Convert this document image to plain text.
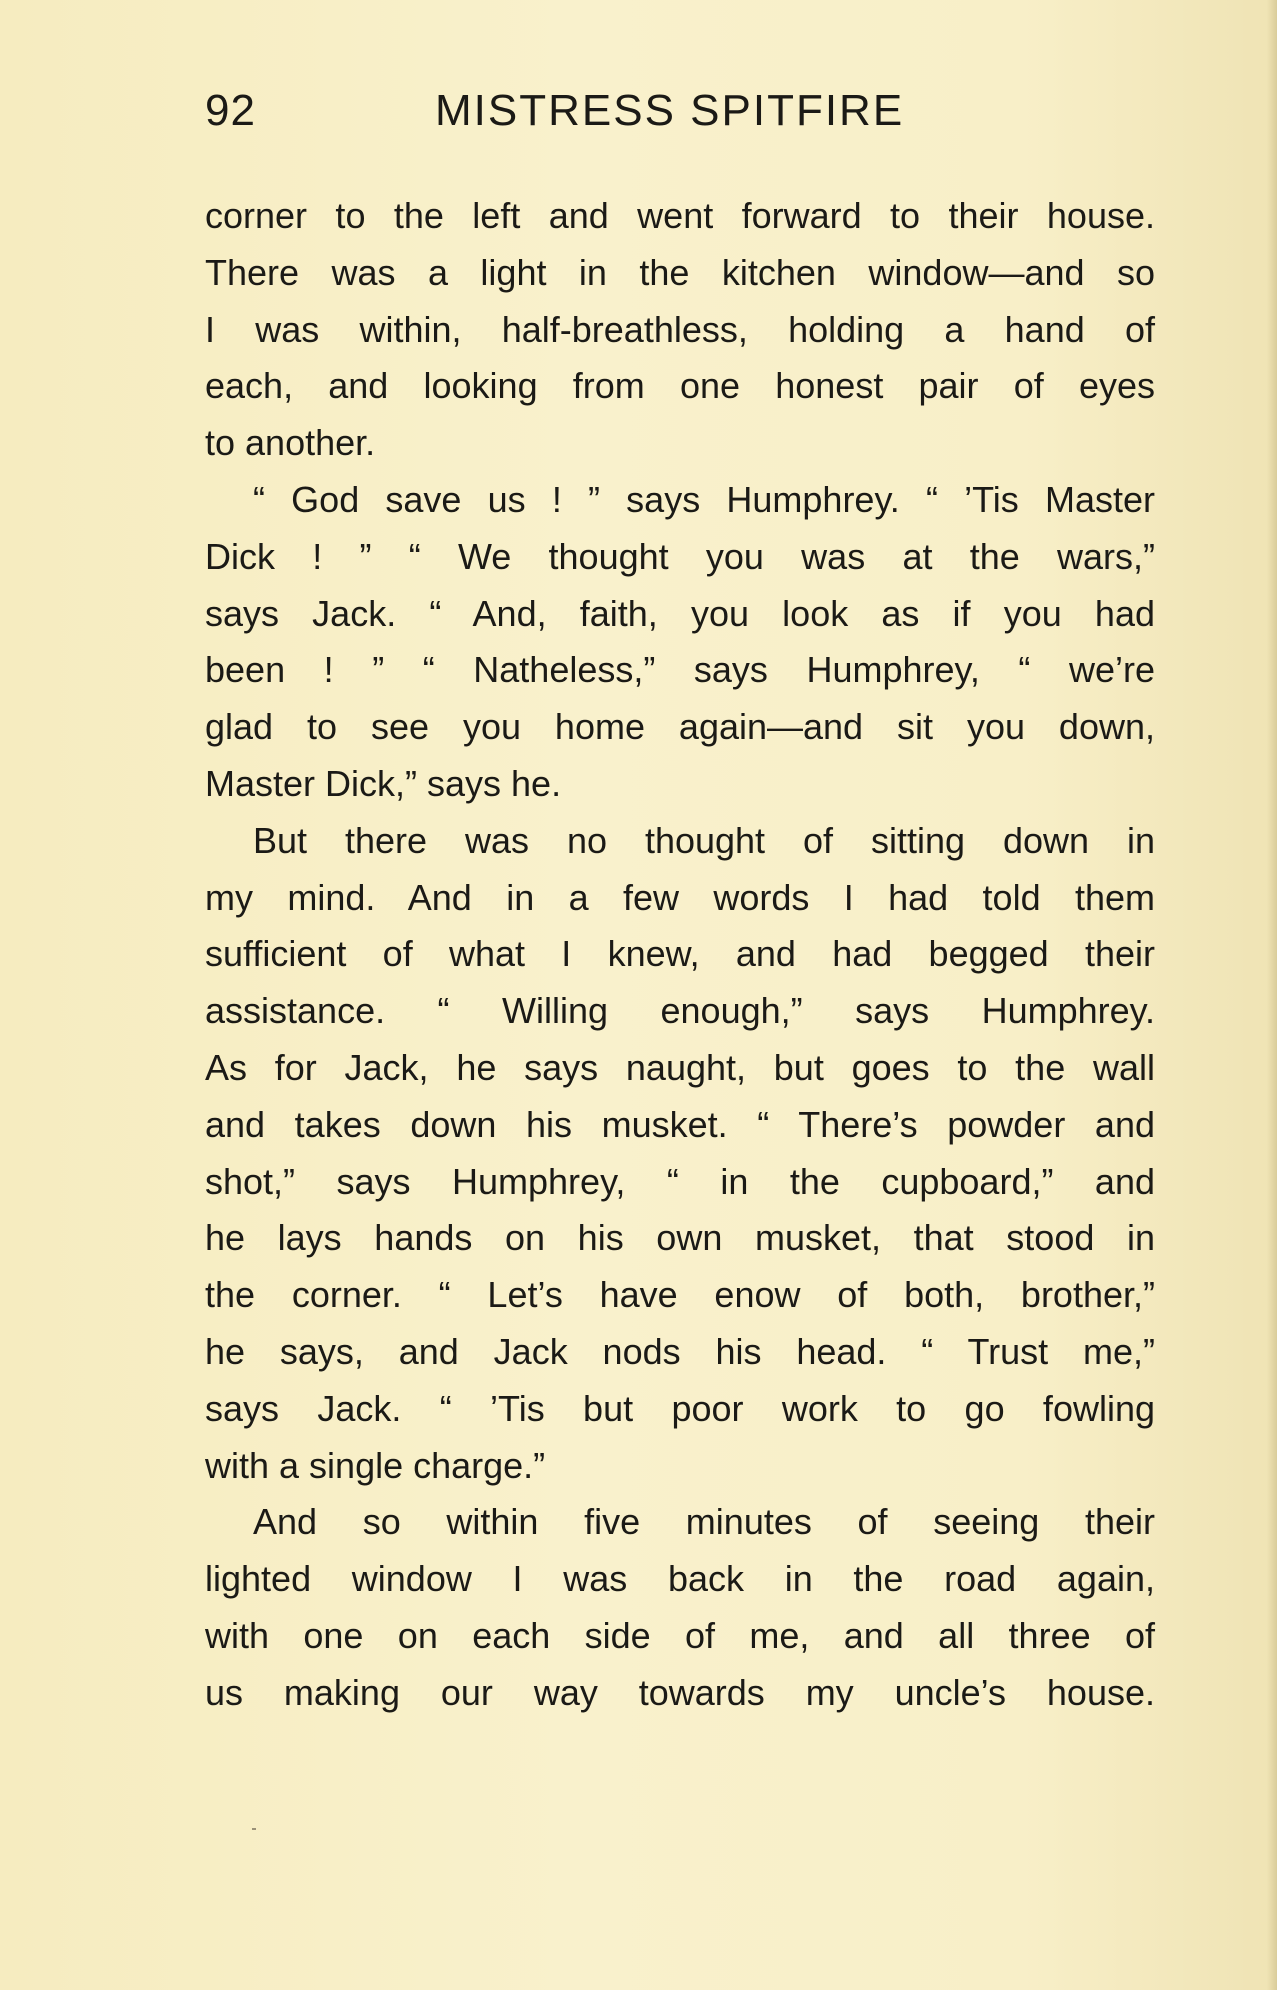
92	MISTRESS SPITFIRE
corner to the left and went forward to their house.
There was a light in the kitchen window—and so
I was within, half-breathless, holding a hand of
each, and looking from one honest pair of eyes
to another.
“ God save us ! ” says Humphrey. “ ’Tis Master
Dick ! ” “ We thought you was at the wars,”
says Jack. “ And, faith, you look as if you had
been ! ” “ Natheless,” says Humphrey, “ we’re
glad to see you home again—and sit you down,
Master Dick,” says he.
But there was no thought of sitting down in
my mind. And in a few words I had told them
sufficient of what I knew, and had begged their
assistance. “ Willing enough,” says Humphrey.
As for Jack, he says naught, but goes to the wall
and takes down his musket. “ There’s powder and
shot,” says Humphrey, “ in the cupboard,” and
he lays hands on his own musket, that stood in
the corner. “ Let’s have enow of both, brother,”
he says, and Jack nods his head. “ Trust me,”
says Jack. “ ’Tis but poor work to go fowling
with a single charge.”
And so within five minutes of seeing their
lighted window I was back in the road again,
with one on each side of me, and all three of
us making our way towards my uncle’s house.
